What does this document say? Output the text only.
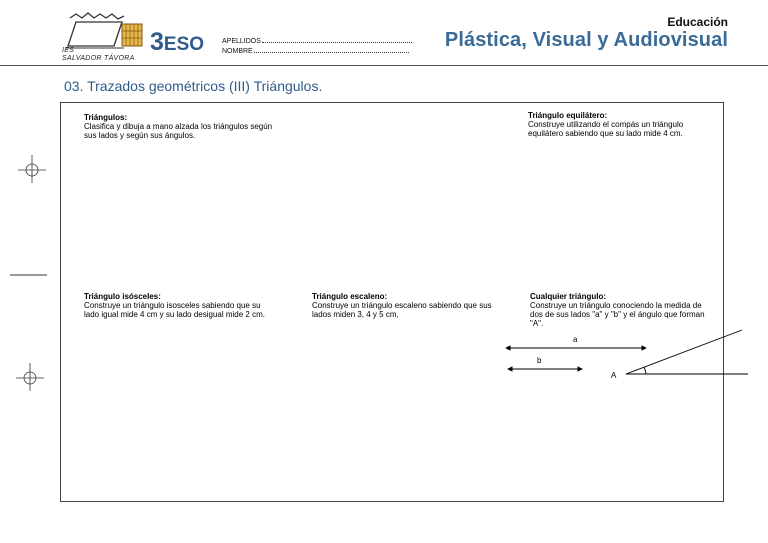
IES
SALVADOR TÁVORA
3ESO	APELLIDOS
NOMBRE
Educación
Plástica, Visual y Audiovisual
03. Trazados geométricos (III) Triángulos.
Triángulos:
Clasifica y dibuja a mano alzada los triángulos según sus lados y según sus ángulos.
Triángulo equilátero:
Construye utilizando el compás un triángulo equilátero sabiendo que su lado mide 4 cm.
Triángulo isósceles:
Construye un triángulo isosceles sabiendo que su lado igual mide 4 cm y su lado desigual mide 2 cm.
Triángulo escaleno:
Construye un triángulo escaleno sabiendo que sus lados miden 3, 4 y 5 cm,
Cualquier triángulo:
Construye un triángulo conociendo la medida de dos de sus lados "a" y "b" y el ángulo que forman "A".
a
b
A
